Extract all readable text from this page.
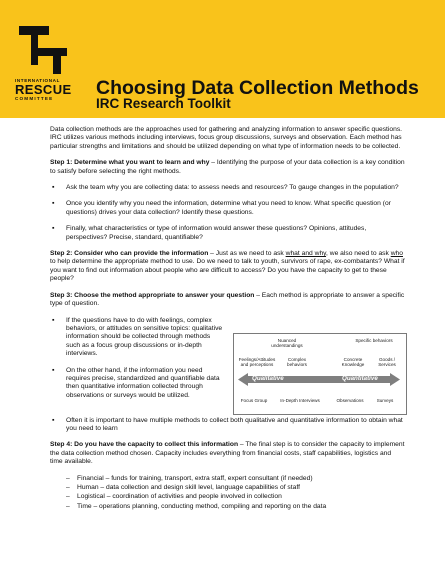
INTERNATIONAL
RESCUE
COMMITTEE	Choosing Data Collection Methods
IRC Research Toolkit

Data collection methods are the approaches used for gathering and analyzing information to answer specific questions. IRC utilizes various methods including interviews, focus group discussions, surveys and observation. Each method has particular strengths and limitations and should be utilized depending on what type of information needs to be collected.

Step 1: Determine what you want to learn and why – Identifying the purpose of your data collection is a key condition to satisfy before selecting the right methods.

▪ Ask the team why you are collecting data: to assess needs and resources? To gauge changes in the population?
▪ Once you identify why you need the information, determine what you need to know. What specific question (or questions) drives your data collection? Identify these questions.
▪ Finally, what characteristics or type of information would answer these questions? Opinions, attitudes, perspectives? Precise, standard, quantifiable?

Step 2: Consider who can provide the information – Just as we need to ask what and why, we also need to ask who to help determine the appropriate method to use. Do we need to talk to youth, survivors of rape, ex-combatants? What if you want to find out information about people who are difficult to access? Do you have the capacity to get to these people?

Step 3: Choose the method appropriate to answer your question – Each method is appropriate to answer a specific type of question.

▪ If the questions have to do with feelings, complex behaviors, or attitudes on sensitive topics: qualitative information should be collected through methods such as a focus group discussions or in-depth interviews.
▪ On the other hand, if the information you need requires precise, standardized and quantifiable data then quantitative information collected through observations or surveys would be utilized.
Nuanced understandings
Specific behaviors
Feelings/Attitudes and perceptions
Complex behaviors
Concrete Knowledge
Goods / Services
Qualitative	Quantitative
Focus Group	In-Depth Interviews	Observations	Surveys
▪ Often it is important to have multiple methods to collect both qualitative and quantitative information to obtain what you need to learn

Step 4: Do you have the capacity to collect this information – The final step is to consider the capacity to implement the data collection method chosen. Capacity includes everything from financial costs, staff capabilities, logistics and time available.

– Financial – funds for training, transport, extra staff, expert consultant (if needed)
– Human – data collection and design skill level, language capabilities of staff
– Logistical – coordination of activities and people involved in collection
– Time – operations planning, conducting method, compiling and reporting on the data
